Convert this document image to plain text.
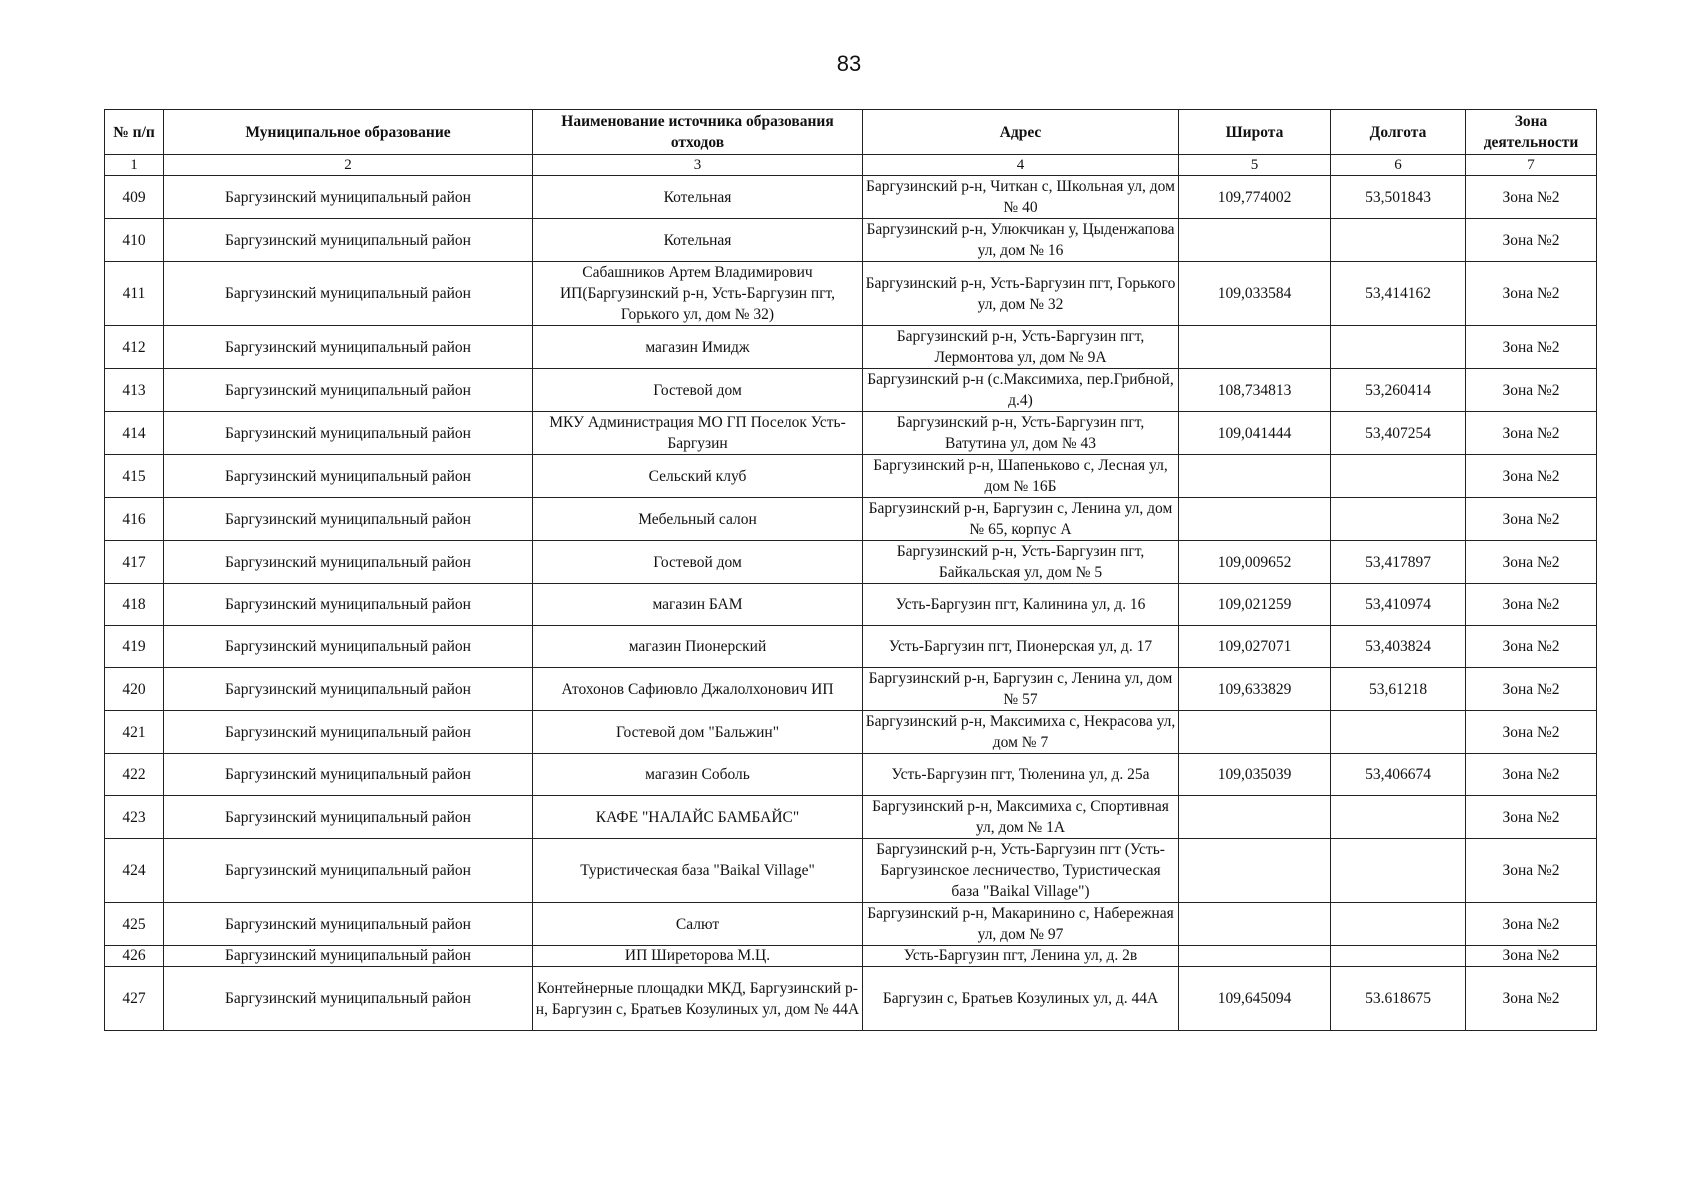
83
№ п/п	Муниципальное образование	Наименование источника образования отходов	Адрес	Широта	Долгота	Зона деятельности
1	2	3	4	5	6	7
409	Баргузинский муниципальный район	Котельная	Баргузинский р-н, Читкан с, Школьная ул, дом № 40	109,774002	53,501843	Зона №2
410	Баргузинский муниципальный район	Котельная	Баргузинский р-н, Улюкчикан у, Цыденжапова ул, дом № 16			Зона №2
411	Баргузинский муниципальный район	Сабашников Артем Владимирович ИП(Баргузинский р-н, Усть-Баргузин пгт, Горького ул, дом № 32)	Баргузинский р-н, Усть-Баргузин пгт, Горького ул, дом № 32	109,033584	53,414162	Зона №2
412	Баргузинский муниципальный район	магазин Имидж	Баргузинский р-н, Усть-Баргузин пгт, Лермонтова ул, дом № 9А			Зона №2
413	Баргузинский муниципальный район	Гостевой дом	Баргузинский р-н (с.Максимиха, пер.Грибной, д.4)	108,734813	53,260414	Зона №2
414	Баргузинский муниципальный район	МКУ Администрация МО ГП Поселок Усть-Баргузин	Баргузинский р-н, Усть-Баргузин пгт, Ватутина ул, дом № 43	109,041444	53,407254	Зона №2
415	Баргузинский муниципальный район	Сельский клуб	Баргузинский р-н, Шапеньково с, Лесная ул, дом № 16Б			Зона №2
416	Баргузинский муниципальный район	Мебельный салон	Баргузинский р-н, Баргузин с, Ленина ул, дом № 65, корпус А			Зона №2
417	Баргузинский муниципальный район	Гостевой дом	Баргузинский р-н, Усть-Баргузин пгт, Байкальская ул, дом № 5	109,009652	53,417897	Зона №2
418	Баргузинский муниципальный район	магазин БАМ	Усть-Баргузин пгт, Калинина ул, д. 16	109,021259	53,410974	Зона №2
419	Баргузинский муниципальный район	магазин Пионерский	Усть-Баргузин пгт, Пионерская ул, д. 17	109,027071	53,403824	Зона №2
420	Баргузинский муниципальный район	Атохонов Сафиювло Джалолхонович ИП	Баргузинский р-н, Баргузин с, Ленина ул, дом № 57	109,633829	53,61218	Зона №2
421	Баргузинский муниципальный район	Гостевой дом "Бальжин"	Баргузинский р-н, Максимиха с, Некрасова ул, дом № 7			Зона №2
422	Баргузинский муниципальный район	магазин Соболь	Усть-Баргузин пгт, Тюленина ул, д. 25а	109,035039	53,406674	Зона №2
423	Баргузинский муниципальный район	КАФЕ "НАЛАЙС БАМБАЙС"	Баргузинский р-н, Максимиха с, Спортивная ул, дом № 1А			Зона №2
424	Баргузинский муниципальный район	Туристическая база "Baikal Village"	Баргузинский р-н, Усть-Баргузин пгт (Усть-Баргузинское лесничество, Туристическая база "Baikal Village")			Зона №2
425	Баргузинский муниципальный район	Салют	Баргузинский р-н, Макаринино с, Набережная ул, дом № 97			Зона №2
426	Баргузинский муниципальный район	ИП Ширеторова М.Ц.	Усть-Баргузин пгт, Ленина ул, д. 2в			Зона №2
427	Баргузинский муниципальный район	Контейнерные площадки МКД, Баргузинский р-н, Баргузин с, Братьев Козулиных ул, дом № 44А	Баргузин с, Братьев Козулиных ул, д. 44А	109,645094	53.618675	Зона №2
